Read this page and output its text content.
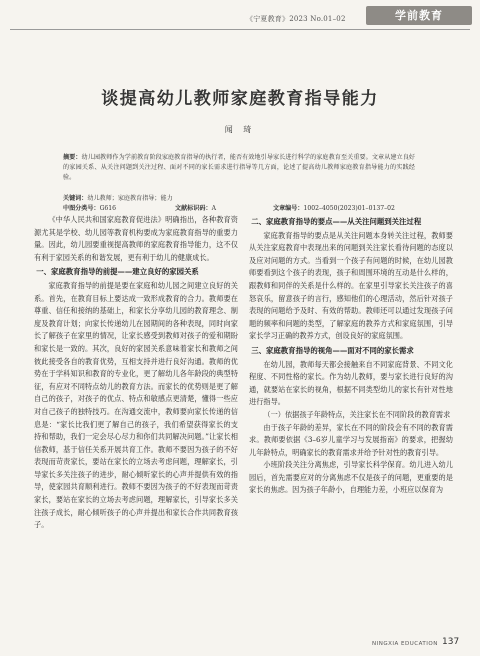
《宁夏教育》2023 No.01–02	学前教育
谈提高幼儿教师家庭教育指导能力
闻 琦
摘要：幼儿园教师作为学前教育阶段家庭教育指导的执行者，能否有效地引导家长进行科学的家庭教育至关重要。文章从建立良好的家园关系、从关注问题到关注过程、面对不同的家长需求进行指导等几方面，论述了提高幼儿教师家庭教育指导能力的实践经验。
关键词：幼儿教师；家庭教育指导；能力
中图分类号：G616	文献标识码：A	文章编号：1002–4050(2023)01–0137–02

《中华人民共和国家庭教育促进法》明确指出，各种教育资源尤其是学校、幼儿园等教育机构要成为家庭教育指导的重要力量。因此，幼儿园要重视提高教师的家庭教育指导能力，这不仅有利于家园关系的和谐发展，更有利于幼儿的健康成长。

一、家庭教育指导的前提——建立良好的家园关系

家庭教育指导的前提是要在家庭和幼儿园之间建立良好的关系。首先，在教育目标上要达成一致形成教育的合力。教师要在尊重、信任和接纳的基础上，和家长分享幼儿园的教育理念、制度及教育计划；向家长传递幼儿在园期间的各种表现，同时向家长了解孩子在家里的情况，让家长感受到教师对孩子的爱和期盼和家长是一致的。其次，良好的家园关系意味着家长和教师之间彼此接受各自的教育优势，互相支持并进行良好沟通。教师的优势在于学科知识和教育的专业化，更了解幼儿各年龄段的典型特征，有应对不同特点幼儿的教育方法。而家长的优势则是更了解自己的孩子，对孩子的优点、特点和敏感点更清楚，懂得一些应对自己孩子的独特技巧。在沟通交流中，教师要向家长传递的信息是：“家长比我们更了解自己的孩子，我们希望获得家长的支持和帮助，我们一定会尽心尽力和你们共同解决问题。”让家长相信教师，基于信任关系开展共育工作。教师不要因为孩子的不好表现而苛责家长，要站在家长的立场去考虑问题，理解家长，引导家长多关注孩子的进步，耐心倾听家长的心声并提供有效的指导，使家园共育顺利进行。教师不要因为孩子的不好表现而苛责家长，要站在家长的立场去考虑问题，理解家长，引导家长多关注孩子成长，耐心倾听孩子的心声并提出和家长合作共同教育孩子。

二、家庭教育指导的要点——从关注问题到关注过程

家庭教育指导的要点是从关注问题本身转关注过程，教师要从关注家庭教育中表现出来的问题到关注家长看待问题的态度以及应对问题的方式。当看到一个孩子有问题的时候，在幼儿园教师要看到这个孩子的表现，孩子和周围环境的互动是什么样的，跟教师和同伴的关系是什么样的。在家里引导家长关注孩子的喜怒哀乐，留意孩子的言行，感知他们的心理活动，然后针对孩子表现的问题给予及时、有效的帮助。教师还可以通过发现孩子问题的频率和问题的类型，了解家庭的教养方式和家庭氛围，引导家长学习正确的教养方式，创设良好的家庭氛围。

三、家庭教育指导的视角——面对不同的家长需求

在幼儿园，教师每天都会接触来自不同家庭背景、不同文化程度、不同性格的家长。作为幼儿教师，要与家长进行良好的沟通，就要站在家长的视角，根据不同类型幼儿的家长有针对性地进行指导。

（一）依据孩子年龄特点，关注家长在不同阶段的教育需求

由于孩子年龄的差异，家长在不同的阶段会有不同的教育需求。教师要依据《3–6岁儿童学习与发展指南》的要求，把握幼儿年龄特点，明确家长的教育需求并给予针对性的教育引导。

小班阶段关注分离焦虑，引导家长科学保育。幼儿进入幼儿园后，首先需要应对的分离焦虑不仅是孩子的问题，更重要的是家长的焦虑。因为孩子年龄小，自理能力差，小班应以保育为

NINGXIA EDUCATION 137
